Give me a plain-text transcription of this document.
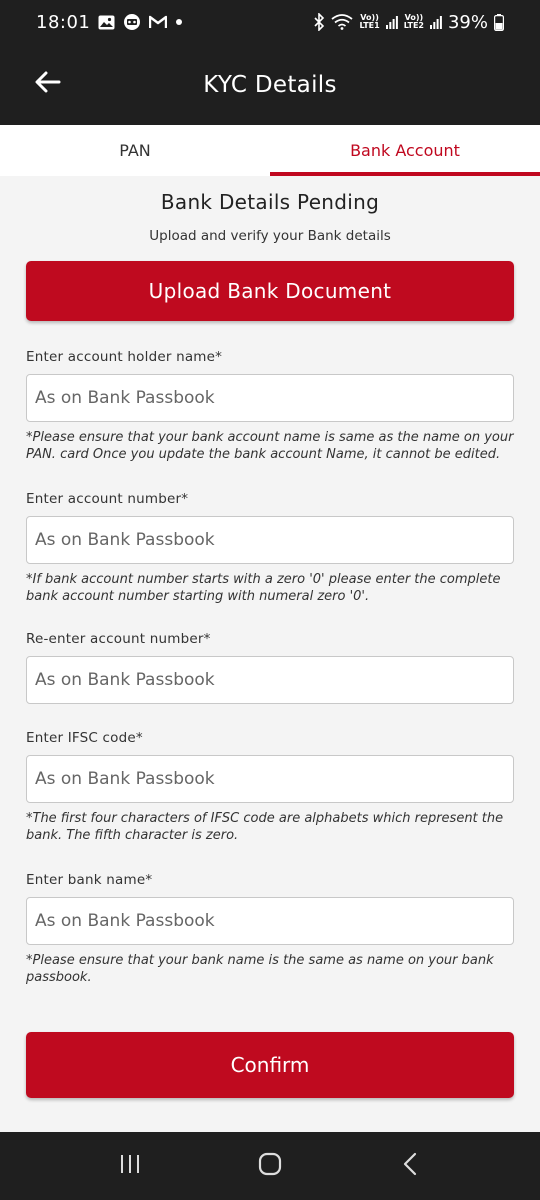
18:01	Vo))
LTE1
Vo))
LTE2 39%
KYC Details
PAN	Bank Account
Bank Details Pending
Upload and verify your Bank details
Upload Bank Document
Enter account holder name*
As on Bank Passbook
*Please ensure that your bank account name is same as the name on your PAN. card Once you update the bank account Name, it cannot be edited.
Enter account number*
As on Bank Passbook
*If bank account number starts with a zero '0' please enter the complete bank account number starting with numeral zero '0'.
Re-enter account number*
As on Bank Passbook
Enter IFSC code*
As on Bank Passbook
*The first four characters of IFSC code are alphabets which represent the bank. The fifth character is zero.
Enter bank name*
As on Bank Passbook
*Please ensure that your bank name is the same as name on your bank passbook.
Confirm
